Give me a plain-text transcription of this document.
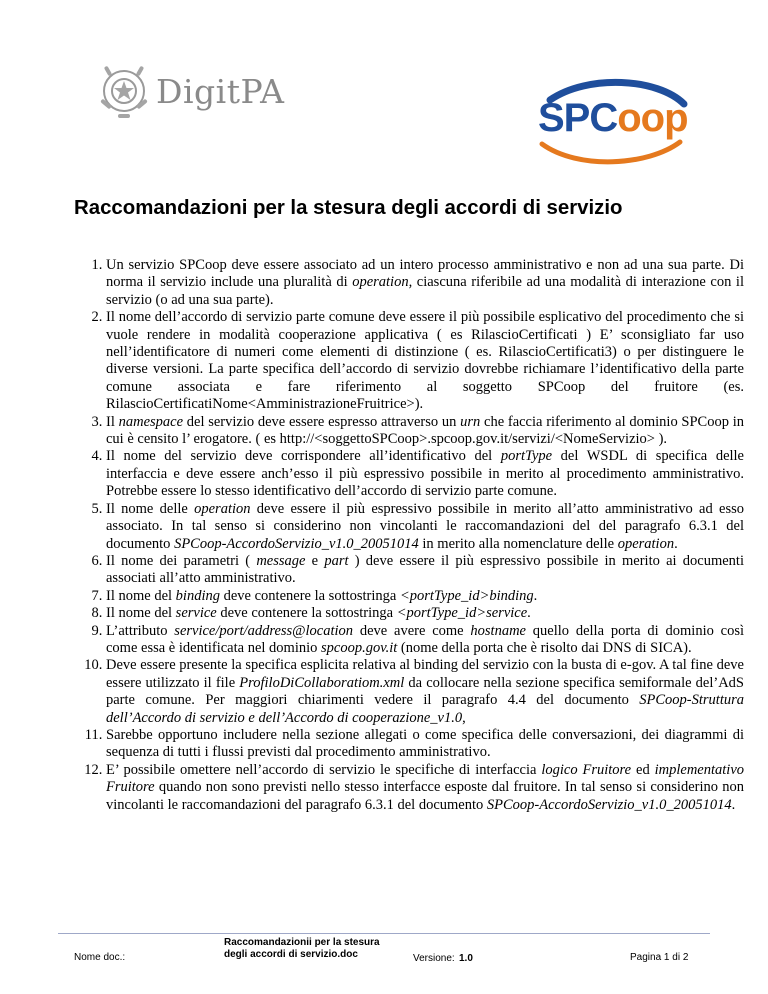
DigitPA
SPCoop
Raccomandazioni per la stesura degli accordi di servizio
1. Un servizio SPCoop deve essere associato ad un intero processo amministrativo e non ad una sua parte. Di norma il servizio include una pluralità di operation, ciascuna riferibile ad una modalità di interazione con il servizio (o ad una sua parte).
2. Il nome dell’accordo di servizio parte comune deve essere il più possibile esplicativo del procedimento che si vuole rendere in modalità cooperazione applicativa ( es RilascioCertificati ) E’ sconsigliato far uso nell’identificatore di numeri come elementi di distinzione ( es. RilascioCertificati3) o per distinguere le diverse versioni. La parte specifica dell’accordo di servizio dovrebbe richiamare l’identificativo della parte comune associata e fare riferimento al soggetto SPCoop del fruitore (es. RilascioCertificatiNome<AmministrazioneFruitrice>).
3. Il namespace del servizio deve essere espresso attraverso un urn che faccia riferimento al dominio SPCoop in cui è censito l’ erogatore. ( es http://<soggettoSPCoop>.spcoop.gov.it/servizi/<NomeServizio> ).
4. Il nome del servizio deve corrispondere all’identificativo del portType del WSDL di specifica delle interfaccia e deve essere anch’esso il più espressivo possibile in merito al procedimento amministrativo. Potrebbe essere lo stesso identificativo dell’accordo di servizio parte comune.
5. Il nome delle operation deve essere il più espressivo possibile in merito all’atto amministrativo ad esso associato. In tal senso si considerino non vincolanti le raccomandazioni del del paragrafo 6.3.1 del documento SPCoop-AccordoServizio_v1.0_20051014 in merito alla nomenclature delle operation.
6. Il nome dei parametri ( message e part ) deve essere il più espressivo possibile in merito ai documenti associati all’atto amministrativo.
7. Il nome del binding deve contenere la sottostringa <portType_id>binding.
8. Il nome del service deve contenere la sottostringa <portType_id>service.
9. L’attributo service/port/address@location deve avere come hostname quello della porta di dominio così come essa è identificata nel dominio spcoop.gov.it (nome della porta che è risolto dai DNS di SICA).
10. Deve essere presente la specifica esplicita relativa al binding del servizio con la busta di e-gov. A tal fine deve essere utilizzato il file ProfiloDiCollaboratiom.xml da collocare nella sezione specifica semiformale del’AdS parte comune. Per maggiori chiarimenti vedere il paragrafo 4.4 del documento SPCoop-Struttura dell’Accordo di servizio e dell’Accordo di cooperazione_v1.0,
11. Sarebbe opportuno includere nella sezione allegati o come specifica delle conversazioni, dei diagrammi di sequenza di tutti i flussi previsti dal procedimento amministrativo.
12. E’ possibile omettere nell’accordo di servizio le specifiche di interfaccia logico Fruitore ed implementativo Fruitore quando non sono previsti nello stesso interfacce esposte dal fruitore. In tal senso si considerino non vincolanti le raccomandazioni del paragrafo 6.3.1 del documento SPCoop-AccordoServizio_v1.0_20051014.
Nome doc.:
Raccomandazionii per la stesura degli accordi di servizio.doc	Versione: 1.0	Pagina 1 di 2
